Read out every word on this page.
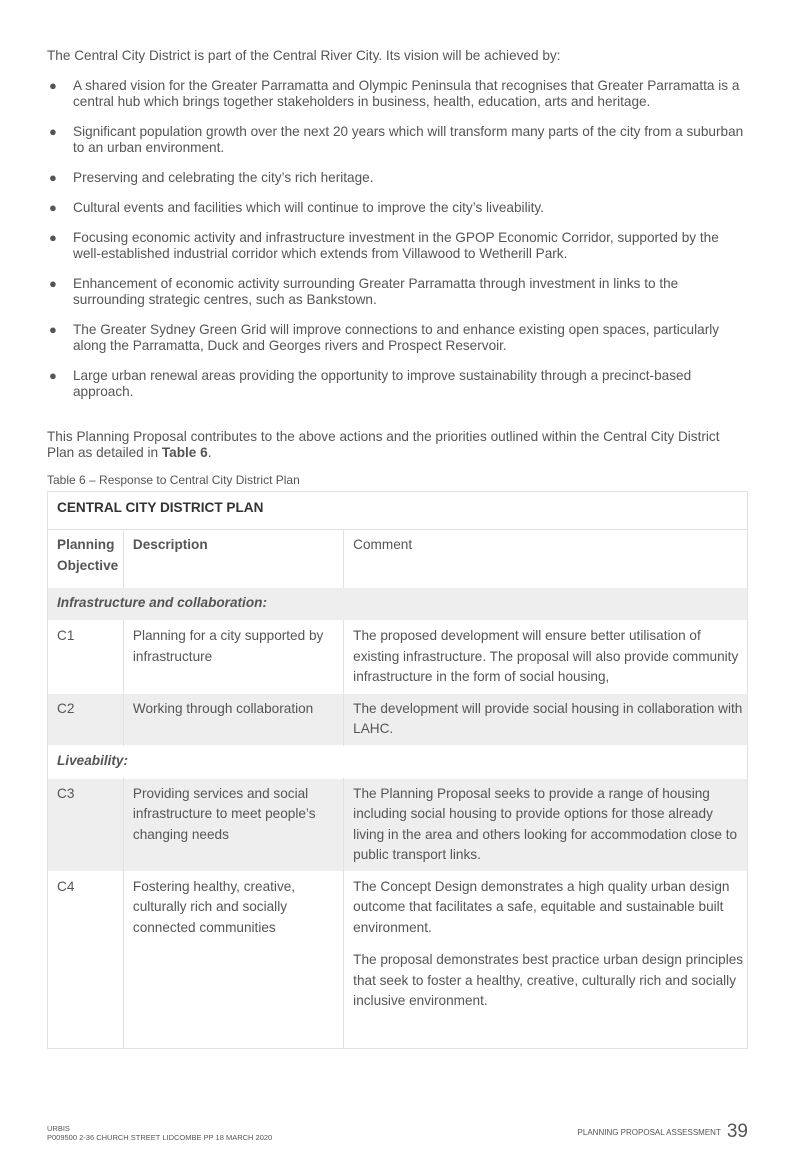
The Central City District is part of the Central River City. Its vision will be achieved by:

● A shared vision for the Greater Parramatta and Olympic Peninsula that recognises that Greater Parramatta is a central hub which brings together stakeholders in business, health, education, arts and heritage.
● Significant population growth over the next 20 years which will transform many parts of the city from a suburban to an urban environment.
● Preserving and celebrating the city’s rich heritage.
● Cultural events and facilities which will continue to improve the city’s liveability.
● Focusing economic activity and infrastructure investment in the GPOP Economic Corridor, supported by the well-established industrial corridor which extends from Villawood to Wetherill Park.
● Enhancement of economic activity surrounding Greater Parramatta through investment in links to the surrounding strategic centres, such as Bankstown.
● The Greater Sydney Green Grid will improve connections to and enhance existing open spaces, particularly along the Parramatta, Duck and Georges rivers and Prospect Reservoir.
● Large urban renewal areas providing the opportunity to improve sustainability through a precinct-based approach.

This Planning Proposal contributes to the above actions and the priorities outlined within the Central City District Plan as detailed in Table 6.

Table 6 – Response to Central City District Plan
CENTRAL CITY DISTRICT PLAN		
Planning Objective	Description	Comment
Infrastructure and collaboration:		
C1	Planning for a city supported by infrastructure	The proposed development will ensure better utilisation of existing infrastructure. The proposal will also provide community infrastructure in the form of social housing,
C2	Working through collaboration	The development will provide social housing in collaboration with LAHC.
Liveability:		
C3	Providing services and social infrastructure to meet people’s changing needs	The Planning Proposal seeks to provide a range of housing including social housing to provide options for those already living in the area and others looking for accommodation close to public transport links.
C4	Fostering healthy, creative, culturally rich and socially connected communities	The Concept Design demonstrates a high quality urban design outcome that facilitates a safe, equitable and sustainable built environment.
The proposal demonstrates best practice urban design principles that seek to foster a healthy, creative, culturally rich and socially inclusive environment.
URBIS
P009500 2-36 CHURCH STREET LIDCOMBE PP 18 MARCH 2020
PLANNING PROPOSAL ASSESSMENT 39
